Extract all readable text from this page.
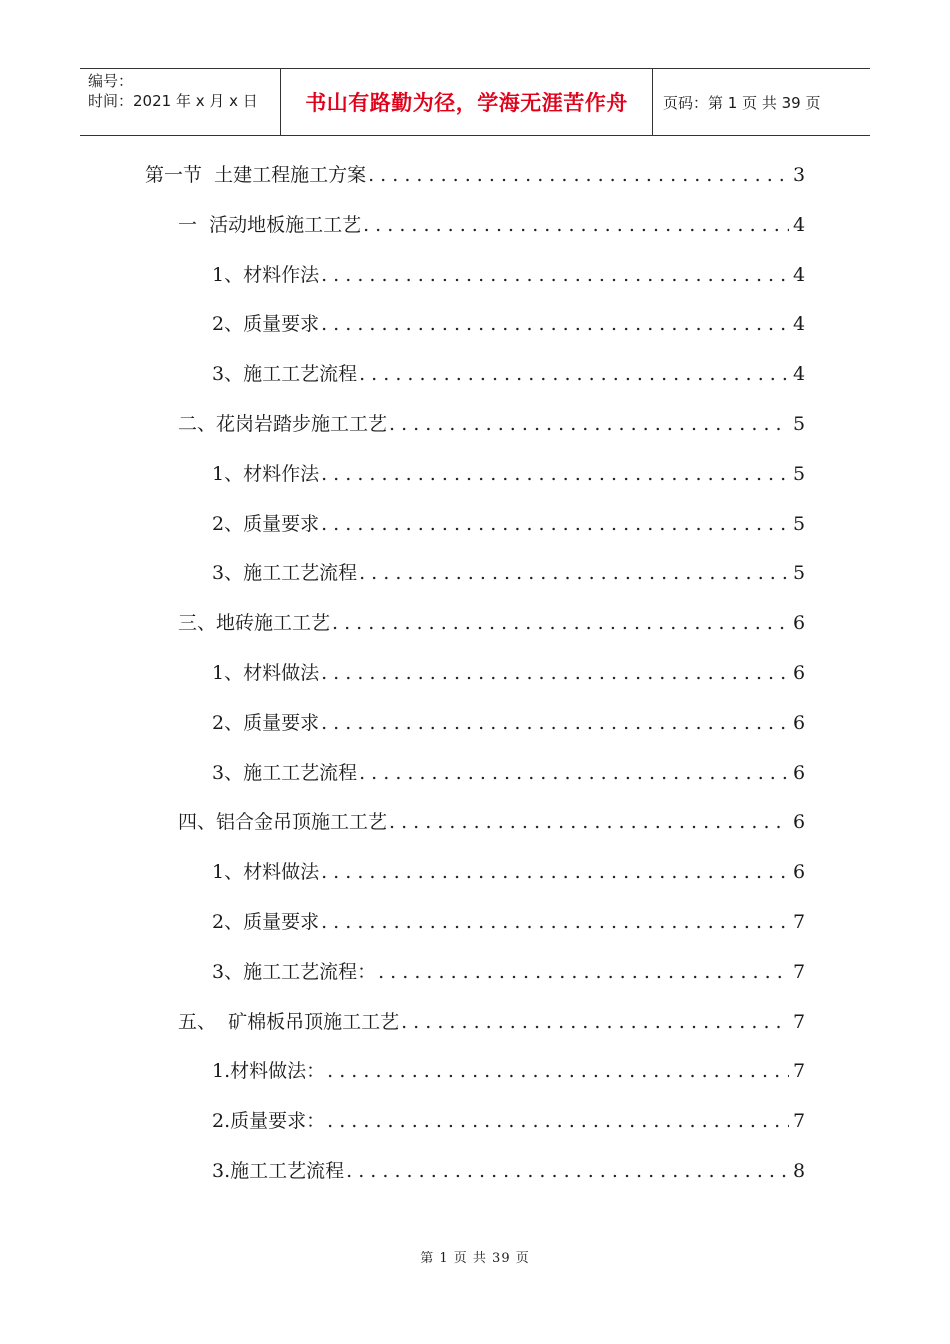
编号：
时间：2021 年 x 月 x 日	书山有路勤为径，学海无涯苦作舟 页码：第 1 页 共 39 页
第一节  土建工程施工方案 . . .	3
一  活动地板施工工艺 . . .	4
1、材料作法 . . .	4
2、质量要求 . . .	4
3、施工工艺流程 . . .	4
二、花岗岩踏步施工工艺 . . .	5
1、材料作法 . . .	5
2、质量要求 . . .	5
3、施工工艺流程 . . .	5
三、地砖施工工艺 . . .	6
1、材料做法 . . .	6
2、质量要求 . . .	6
3、施工工艺流程 . . .	6
四、铝合金吊顶施工工艺 . . .	6
1、材料做法 . . .	6
2、质量要求 . . .	7
3、施工工艺流程： . . .	7
五、  矿棉板吊顶施工工艺 . . .	7
1.材料做法： . . .	7
2.质量要求： . . .	7
3.施工工艺流程 . . .	8
第 1 页 共 39 页
